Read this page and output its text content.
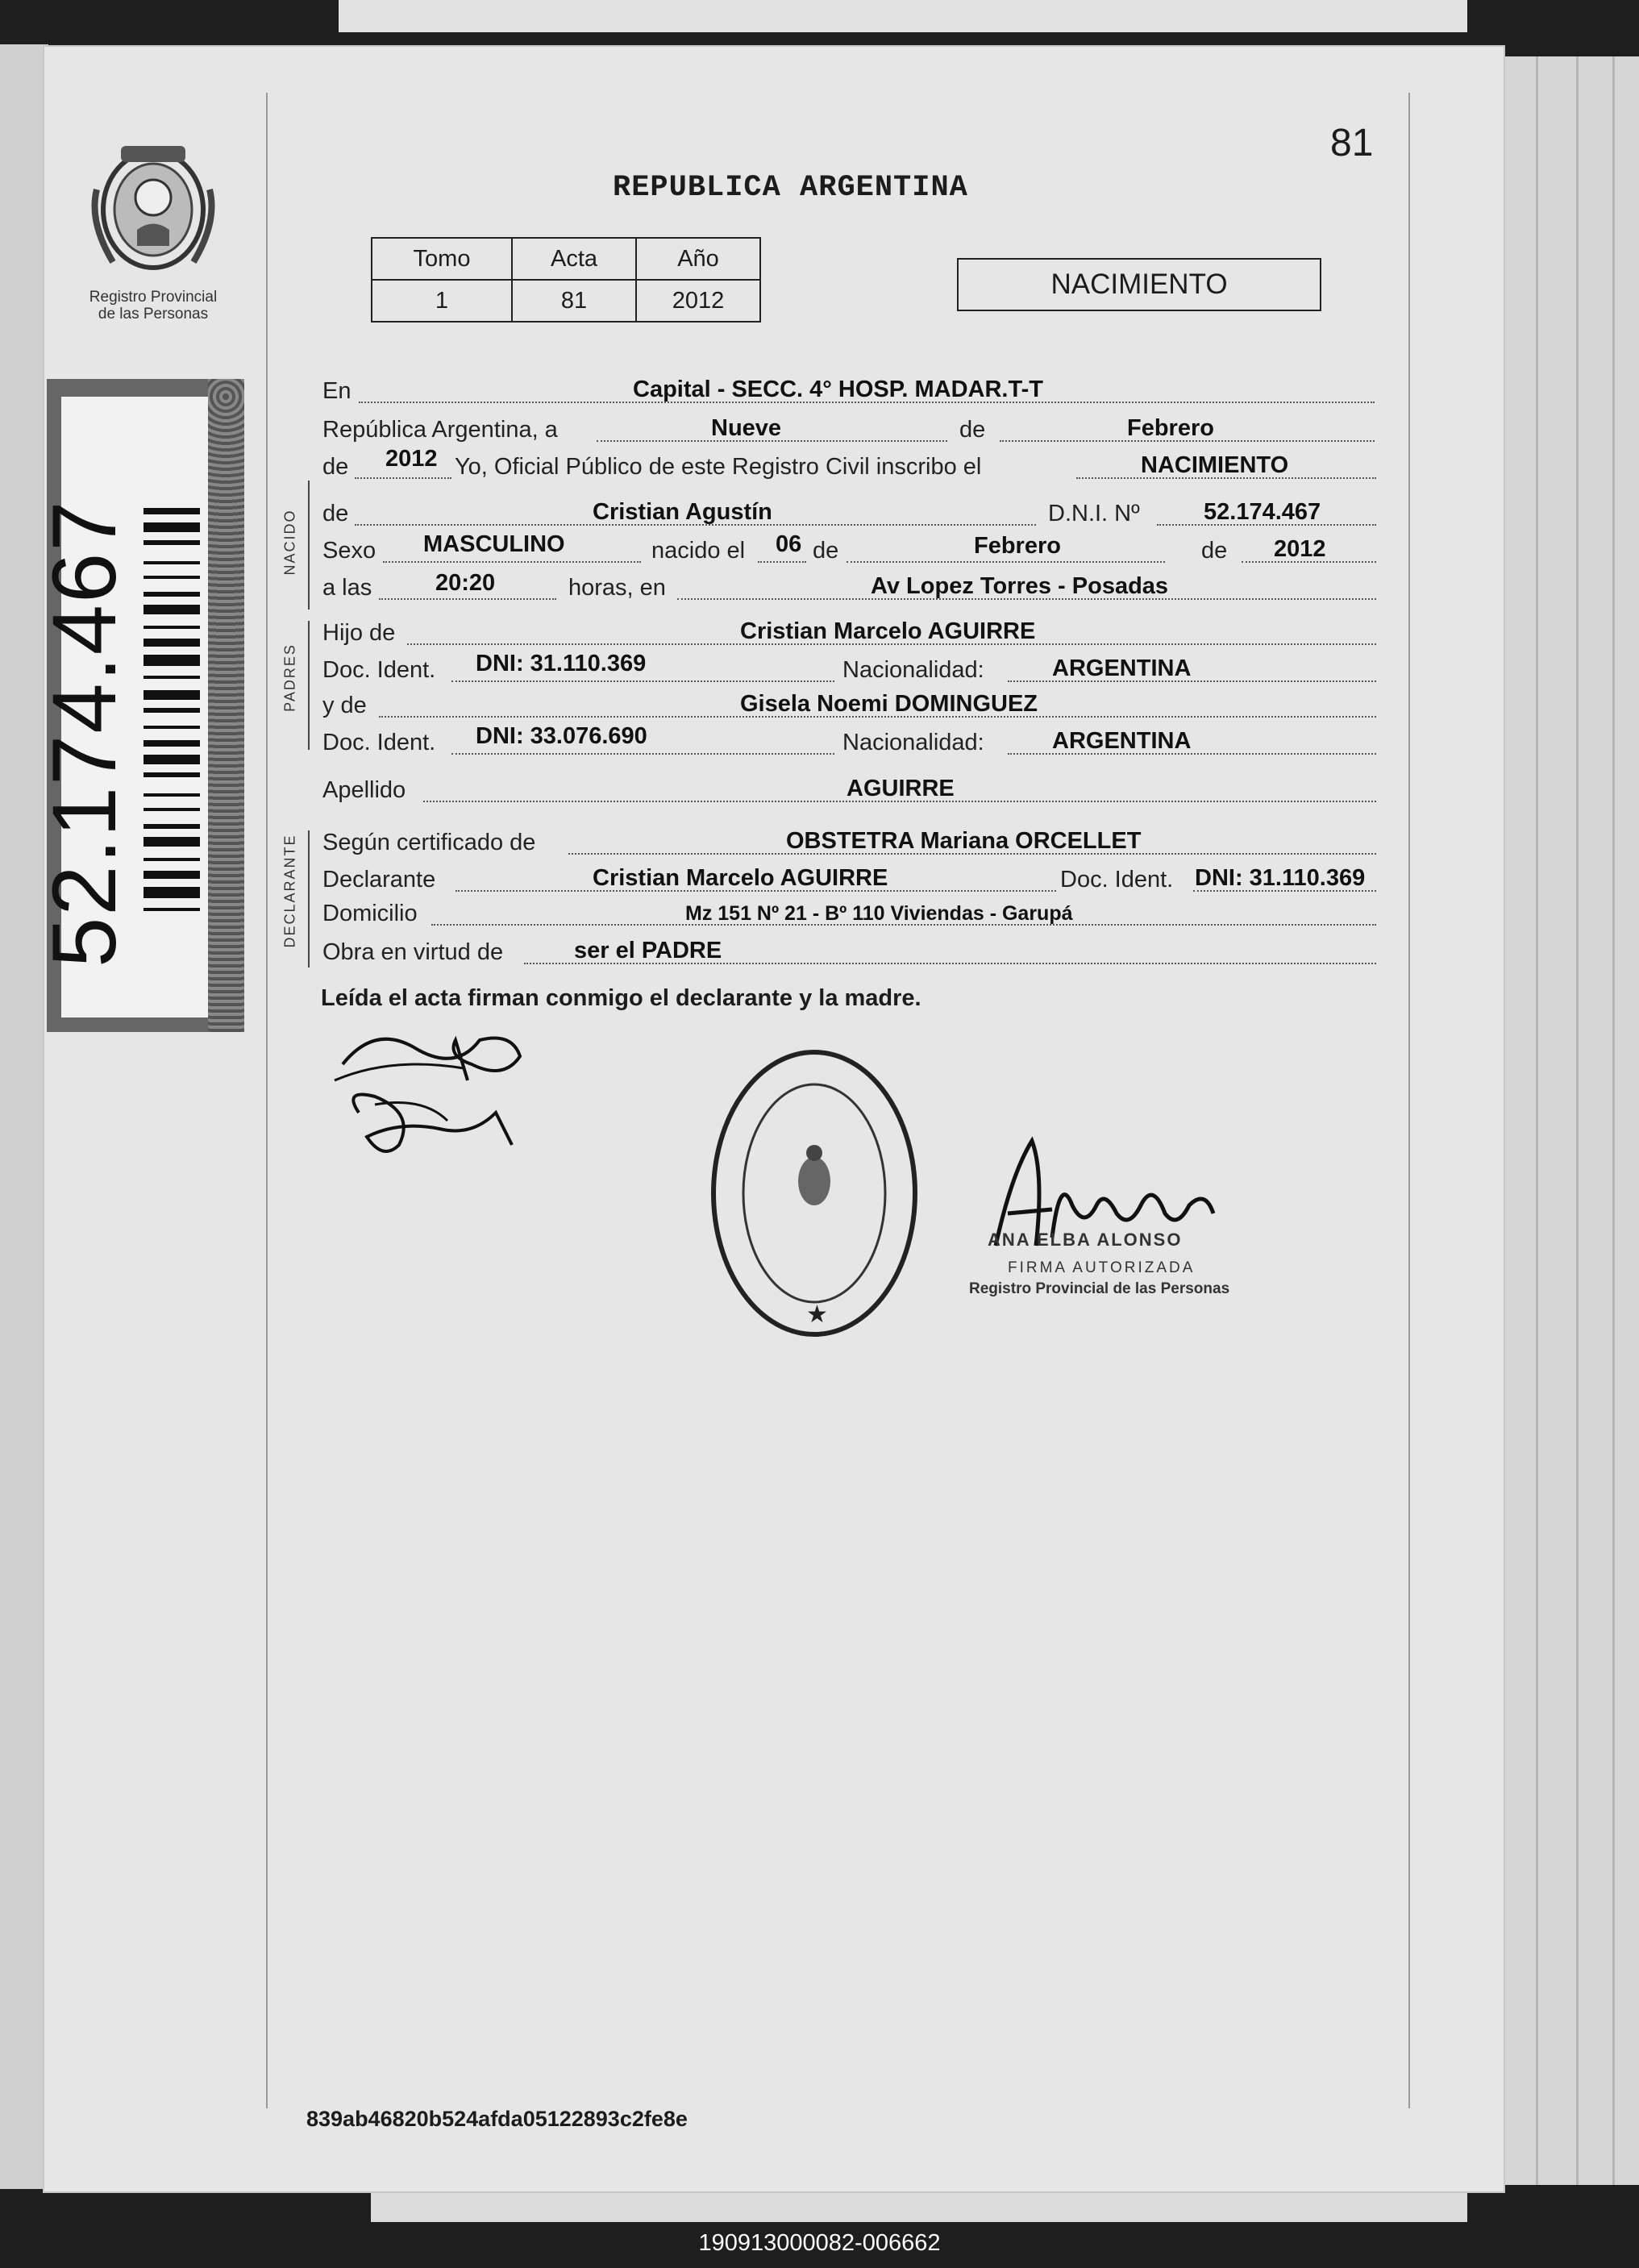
Registro Provincial
de las Personas
52.174.467
81
REPUBLICA ARGENTINA
Tomo	Acta	Año
1	81	2012
NACIMIENTO
NACIDO
PADRES
DECLARANTE
En	Capital - SECC. 4° HOSP. MADAR.T-T
República Argentina, a	Nueve	de	Febrero
de 2012 Yo, Oficial Público de este Registro Civil inscribo el	NACIMIENTO
de	Cristian Agustín	D.N.I. Nº	52.174.467
Sexo MASCULINO	nacido el 06 de	Febrero	de 2012
a las	20:20	horas, en	Av Lopez Torres - Posadas
Hijo de	Cristian Marcelo AGUIRRE
Doc. Ident. DNI: 31.110.369	Nacionalidad:	ARGENTINA
y de	Gisela Noemi DOMINGUEZ
Doc. Ident. DNI: 33.076.690	Nacionalidad:	ARGENTINA
Apellido	AGUIRRE
Según certificado de	OBSTETRA Mariana ORCELLET
Declarante	Cristian Marcelo AGUIRRE	Doc. Ident. DNI: 31.110.369
Domicilio	Mz 151 Nº 21 - Bº 110 Viviendas - Garupá
Obra en virtud de	ser el PADRE
Leída el acta firman conmigo el declarante y la madre.
★
ANA ELBA ALONSO
FIRMA AUTORIZADA
Registro Provincial de las Personas
839ab46820b524afda05122893c2fe8e
190913000082-006662
